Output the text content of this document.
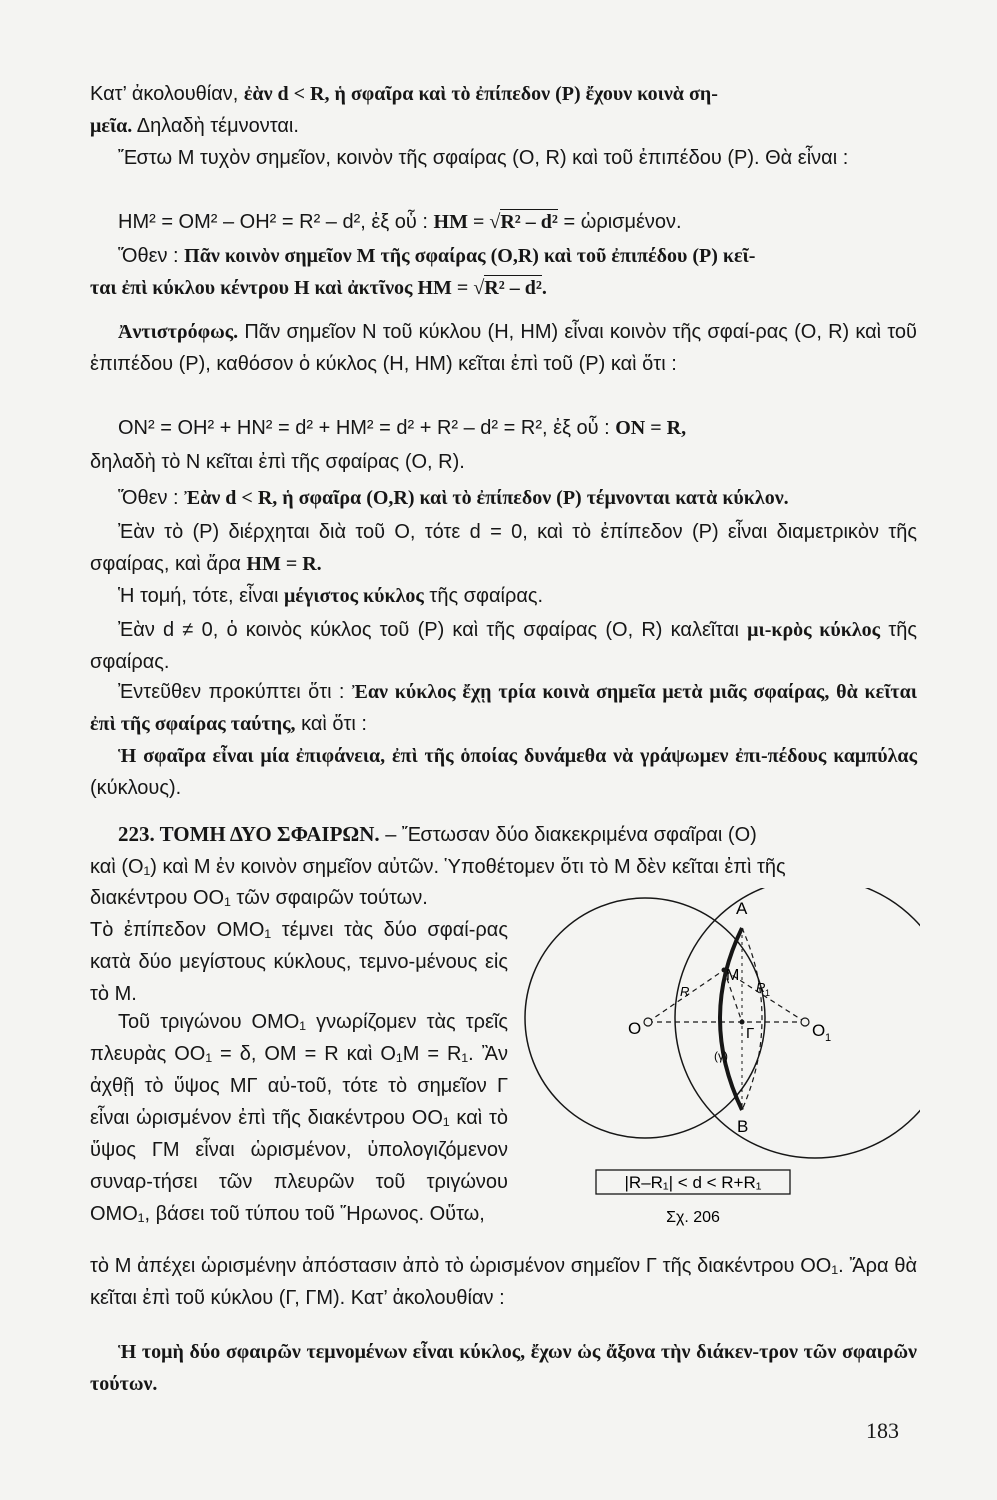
Κατ’ ἀκολουθίαν, ἐὰν d < R, ἡ σφαῖρα καὶ τὸ ἐπίπεδον (P) ἔχουν κοινὰ ση-
μεῖα. Δηλαδὴ τέμνονται.

Ἔστω Μ τυχὸν σημεῖον, κοινὸν τῆς σφαίρας (O, R) καὶ τοῦ ἐπιπέδου (P). Θὰ εἶναι :

HM² = OM² – OH² = R² – d², ἐξ οὗ : HM = √R² – d² = ὡρισμένον.

Ὅθεν : Πᾶν κοινὸν σημεῖον Μ τῆς σφαίρας (O,R) καὶ τοῦ ἐπιπέδου (P) κεῖ-
ται ἐπὶ κύκλου κέντρου Η καὶ ἀκτῖνος HM = √R² – d².

Ἀντιστρόφως. Πᾶν σημεῖον Ν τοῦ κύκλου (H, HM) εἶναι κοινὸν τῆς σφαί-ρας (O, R) καὶ τοῦ ἐπιπέδου (P), καθόσον ὁ κύκλος (H, HM) κεῖται ἐπὶ τοῦ (P) καὶ ὅτι :

ON² = OH² + HN² = d² + HM² = d² + R² – d² = R², ἐξ οὗ : ON = R,

δηλαδὴ τὸ Ν κεῖται ἐπὶ τῆς σφαίρας (O, R).

Ὅθεν : Ἐὰν d < R, ἡ σφαῖρα (O,R) καὶ τὸ ἐπίπεδον (P) τέμνονται κατὰ κύκλον.

Ἐὰν τὸ (P) διέρχηται διὰ τοῦ O, τότε d = 0, καὶ τὸ ἐπίπεδον (P) εἶναι διαμετρικὸν τῆς σφαίρας, καὶ ἄρα HM = R.

Ἡ τομή, τότε, εἶναι μέγιστος κύκλος τῆς σφαίρας.

Ἐὰν d ≠ 0, ὁ κοινὸς κύκλος τοῦ (P) καὶ τῆς σφαίρας (O, R) καλεῖται μι-κρὸς κύκλος τῆς σφαίρας.

Ἐντεῦθεν προκύπτει ὅτι : Ἐαν κύκλος ἔχῃ τρία κοινὰ σημεῖα μετὰ μιᾶς σφαίρας, θὰ κεῖται ἐπὶ τῆς σφαίρας ταύτης, καὶ ὅτι :

Ἡ σφαῖρα εἶναι μία ἐπιφάνεια, ἐπὶ τῆς ὁποίας δυνάμεθα νὰ γράψωμεν ἐπι-πέδους καμπύλας (κύκλους).

223. ΤΟΜΗ ΔΥΟ ΣΦΑΙΡΩΝ. – Ἔστωσαν δύο διακεκριμένα σφαῖραι (O)
καὶ (O₁) καὶ Μ ἐν κοινὸν σημεῖον αὐτῶν. Ὑποθέτομεν ὅτι τὸ Μ δὲν κεῖται ἐπὶ τῆς

διακέντρου OO₁ τῶν σφαιρῶν τούτων.

Τὸ ἐπίπεδον OMO₁ τέμνει τὰς δύο σφαί-ρας κατὰ δύο μεγίστους κύκλους, τεμνο-μένους εἰς τὸ Μ.

Τοῦ τριγώνου OMO₁ γνωρίζομεν τὰς τρεῖς πλευρὰς OO₁ = δ, OM = R καὶ O₁M = R₁. Ἂν ἀχθῇ τὸ ὕψος ΜΓ αὐ-τοῦ, τότε τὸ σημεῖον Γ εἶναι ὡρισμένον ἐπὶ τῆς διακέντρου OO₁ καὶ τὸ ὕψος ΓΜ εἶναι ὡρισμένον, ὑπολογιζόμενον συναρ-τήσει τῶν πλευρῶν τοῦ τριγώνου OMO₁, βάσει τοῦ τύπου τοῦ Ἥρωνος. Οὕτω,

A
B
O	O 1
M
R	R 1
Γ
(γ)
|R–R₁| < d < R+R₁
Σχ. 206

τὸ Μ ἀπέχει ὡρισμένην ἀπόστασιν ἀπὸ τὸ ὡρισμένον σημεῖον Γ τῆς διακέντρου OO₁. Ἄρα θὰ κεῖται ἐπὶ τοῦ κύκλου (Γ, ΓΜ). Κατ’ ἀκολουθίαν :

Ἡ τομὴ δύο σφαιρῶν τεμνομένων εἶναι κύκλος, ἔχων ὡς ἄξονα τὴν διάκεν-τρον τῶν σφαιρῶν τούτων.

183
